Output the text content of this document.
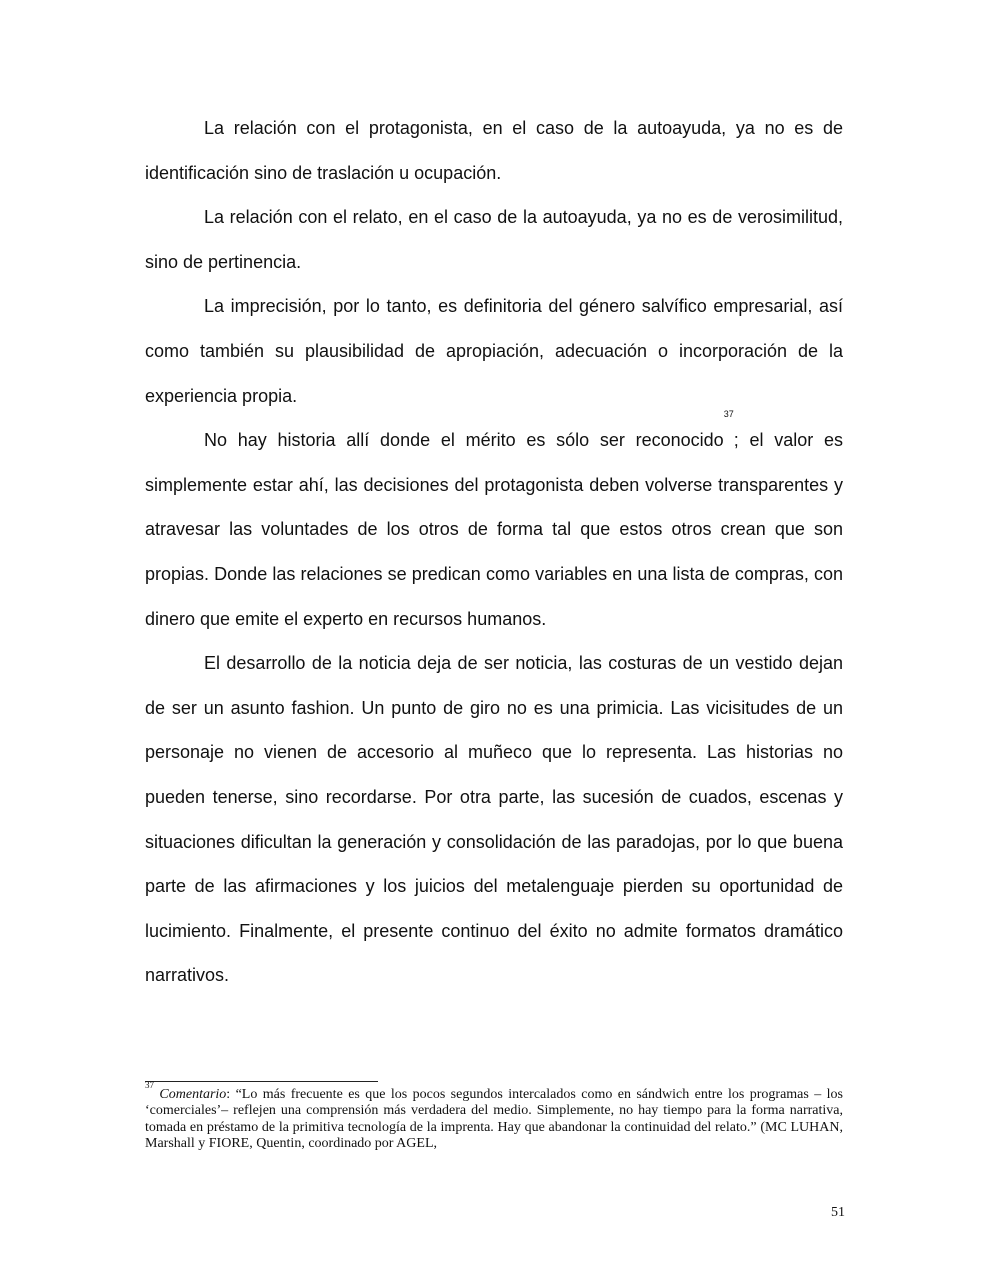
La relación con el protagonista, en el caso de la autoayuda, ya no es de identificación sino de traslación u ocupación.

La relación con el relato, en el caso de la autoayuda, ya no es de verosimilitud, sino de pertinencia.

La imprecisión, por lo tanto, es definitoria del género salvífico empresarial, así como también su plausibilidad de apropiación, adecuación o incorporación de la experiencia propia.

No hay historia allí donde el mérito es sólo ser reconocido$^{37}$; el valor es simplemente estar ahí, las decisiones del protagonista deben volverse transparentes y atravesar las voluntades de los otros de forma tal que estos otros crean que son propias. Donde las relaciones se predican como variables en una lista de compras, con dinero que emite el experto en recursos humanos.

El desarrollo de la noticia deja de ser noticia, las costuras de un vestido dejan de ser un asunto fashion. Un punto de giro no es una primicia. Las vicisitudes de un personaje no vienen de accesorio al muñeco que lo representa. Las historias no pueden tenerse, sino recordarse. Por otra parte, las sucesión de cuados, escenas y situaciones dificultan la generación y consolidación de las paradojas, por lo que buena parte de las afirmaciones y los juicios del metalenguaje pierden su oportunidad de lucimiento. Finalmente, el presente continuo del éxito no admite formatos dramático narrativos.

$^{37}$ Comentario: “Lo más frecuente es que los pocos segundos intercalados como en sándwich entre los programas – los ‘comerciales’– reflejen una comprensión más verdadera del medio. Simplemente, no hay tiempo para la forma narrativa, tomada en préstamo de la primitiva tecnología de la imprenta. Hay que abandonar la continuidad del relato.” (MC LUHAN, Marshall y FIORE, Quentin, coordinado por AGEL,

51
